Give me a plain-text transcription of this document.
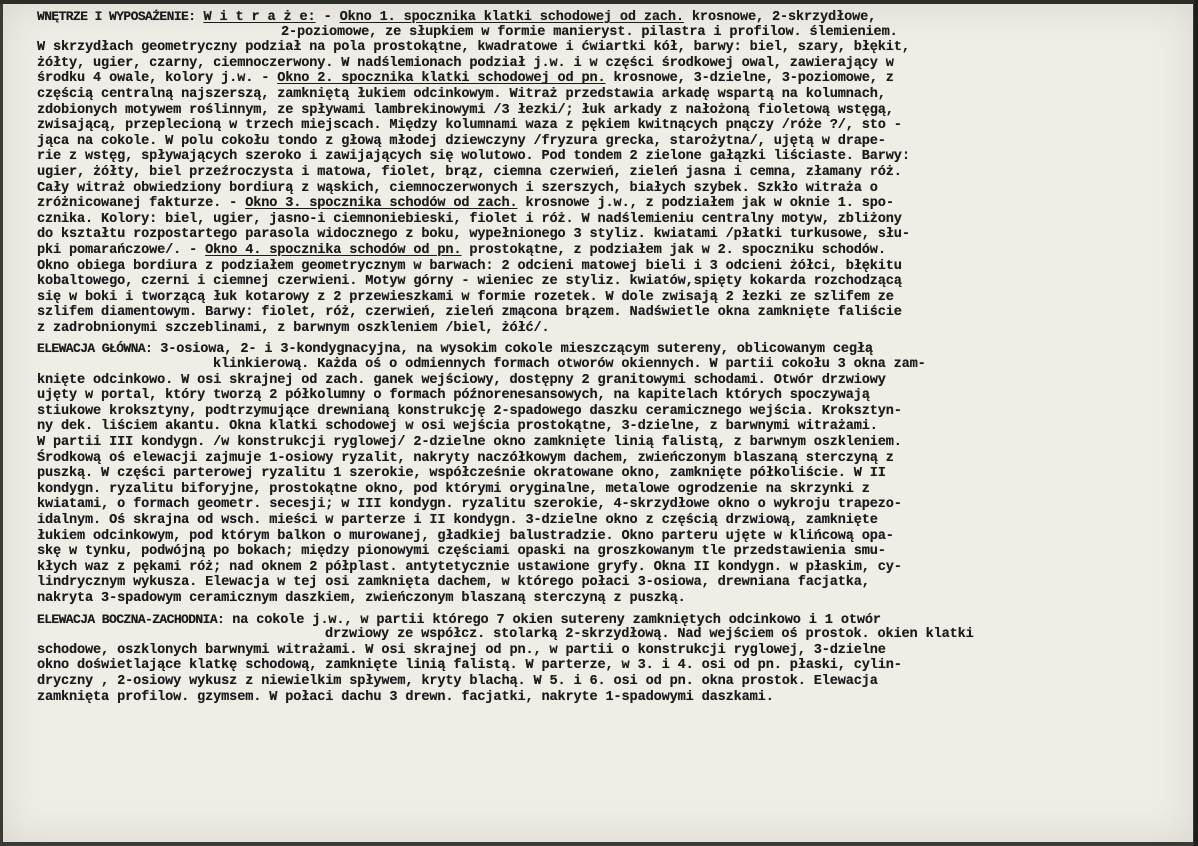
WNĘTRZE I WYPOSAŻENIE: W i t r a ż e: - Okno 1. spocznika klatki schodowej od zach. krosnowe, 2-skrzydłowe,
2-poziomowe, ze słupkiem w formie manieryst. pilastra i profilow. ślemieniem.
W skrzydłach geometryczny podział na pola prostokątne, kwadratowe i ćwiartki kół, barwy: biel, szary, błękit,
żółty, ugier, czarny, ciemnoczerwony. W nadślemionach podział j.w. i w części środkowej owal, zawierający w
środku 4 owale, kolory j.w. - Okno 2. spocznika klatki schodowej od pn. krosnowe, 3-dzielne, 3-poziomowe, z
częścią centralną najszerszą, zamkniętą łukiem odcinkowym. Witraż przedstawia arkadę wspartą na kolumnach,
zdobionych motywem roślinnym, ze spływami lambrekinowymi /3 łezki/; łuk arkady z nałożoną fioletową wstęgą,
zwisającą, przeplecioną w trzech miejscach. Między kolumnami waza z pękiem kwitnących pnączy /róże ?/, sto -
jąca na cokole. W polu cokołu tondo z głową młodej dziewczyny /fryzura grecka, starożytna/, ujętą w drape-
rie z wstęg, spływających szeroko i zawijających się wolutowo. Pod tondem 2 zielone gałązki liściaste. Barwy:
ugier, żółty, biel przeźroczysta i matowa, fiolet, brąz, ciemna czerwień, zieleń jasna i cemna, złamany róż.
Cały witraż obwiedziony bordiurą z wąskich, ciemnoczerwonych i szerszych, białych szybek. Szkło witraża o
zróżnicowanej fakturze. - Okno 3. spocznika schodów od zach. krosnowe j.w., z podziałem jak w oknie 1. spo-
cznika. Kolory: biel, ugier, jasno-i ciemnoniebieski, fiolet i róż. W nadślemieniu centralny motyw, zbliżony
do kształtu rozpostartego parasola widocznego z boku, wypełnionego 3 styliz. kwiatami /płatki turkusowe, słu-
pki pomarańczowe/. - Okno 4. spocznika schodów od pn. prostokątne, z podziałem jak w 2. spoczniku schodów.
Okno obiega bordiura z podziałem geometrycznym w barwach: 2 odcieni matowej bieli i 3 odcieni żółci, błękitu
kobaltowego, czerni i ciemnej czerwieni. Motyw górny - wieniec ze styliz. kwiatów,spięty kokarda rozchodzącą
się w boki i tworzącą łuk kotarowy z 2 przewieszkami w formie rozetek. W dole zwisają 2 łezki ze szlifem ze
szlifem diamentowym. Barwy: fiolet, róż, czerwień, zieleń zmącona brązem. Nadświetle okna zamknięte faliście
z zadrobnionymi szczeblinami, z barwnym oszkleniem /biel, żółć/.
ELEWACJA GŁÓWNA: 3-osiowa, 2- i 3-kondygnacyjna, na wysokim cokole mieszczącym sutereny, oblicowanym cegłą
klinkierową. Każda oś o odmiennych formach otworów okiennych. W partii cokołu 3 okna zam-
knięte odcinkowo. W osi skrajnej od zach. ganek wejściowy, dostępny 2 granitowymi schodami. Otwór drzwiowy
ujęty w portal, który tworzą 2 półkolumny o formach późnorenesansowych, na kapitelach których spoczywają
stiukowe kroksztyny, podtrzymujące drewnianą konstrukcję 2-spadowego daszku ceramicznego wejścia. Kroksztyn-
ny dek. liściem akantu. Okna klatki schodowej w osi wejścia prostokątne, 3-dzielne, z barwnymi witrażami.
W partii III kondygn. /w konstrukcji ryglowej/ 2-dzielne okno zamknięte linią falistą, z barwnym oszkleniem.
Środkową oś elewacji zajmuje 1-osiowy ryzalit, nakryty naczółkowym dachem, zwieńczonym blaszaną sterczyną z
puszką. W części parterowej ryzalitu 1 szerokie, współcześnie okratowane okno, zamknięte półkoliście. W II
kondygn. ryzalitu biforyjne, prostokątne okno, pod którymi oryginalne, metalowe ogrodzenie na skrzynki z
kwiatami, o formach geometr. secesji; w III kondygn. ryzalitu szerokie, 4-skrzydłowe okno o wykroju trapezo-
idalnym. Oś skrajna od wsch. mieści w parterze i II kondygn. 3-dzielne okno z częścią drzwiową, zamknięte
łukiem odcinkowym, pod którym balkon o murowanej, gładkiej balustradzie. Okno parteru ujęte w klińcową opa-
skę w tynku, podwójną po bokach; między pionowymi częściami opaski na groszkowanym tle przedstawienia smu-
kłych waz z pękami róż; nad oknem 2 półplast. antytetycznie ustawione gryfy. Okna II kondygn. w płaskim, cy-
lindrycznym wykusza. Elewacja w tej osi zamknięta dachem, w którego połaci 3-osiowa, drewniana facjatka,
nakryta 3-spadowym ceramicznym daszkiem, zwieńczonym blaszaną sterczyną z puszką.
ELEWACJA BOCZNA-ZACHODNIA: na cokole j.w., w partii którego 7 okien sutereny zamkniętych odcinkowo i 1 otwór
drzwiowy ze współcz. stolarką 2-skrzydłową. Nad wejściem oś prostok. okien klatki
schodowe, oszklonych barwnymi witrażami. W osi skrajnej od pn., w partii o konstrukcji ryglowej, 3-dzielne
okno doświetlające klatkę schodową, zamknięte linią falistą. W parterze, w 3. i 4. osi od pn. płaski, cylin-
dryczny , 2-osiowy wykusz z niewielkim spływem, kryty blachą. W 5. i 6. osi od pn. okna prostok. Elewacja
zamknięta profilow. gzymsem. W połaci dachu 3 drewn. facjatki, nakryte 1-spadowymi daszkami.
